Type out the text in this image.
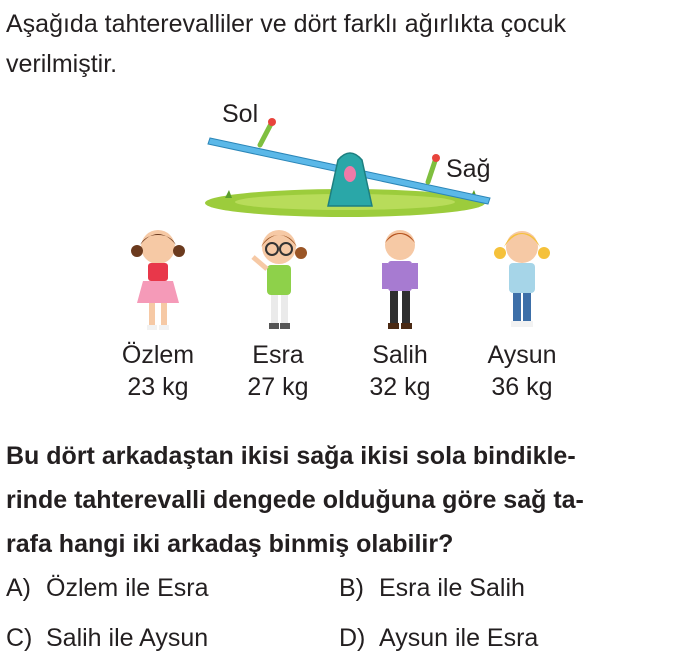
Aşağıda tahterevalliler ve dört farklı ağırlıkta çocuk
verilmiştir.
Sol
Sağ
Özlem
23 kg
Esra
27 kg
Salih
32 kg
Aysun
36 kg
Bu dört arkadaştan ikisi sağa ikisi sola bindikle-
rinde tahterevalli dengede olduğuna göre sağ ta-
rafa hangi iki arkadaş binmiş olabilir?
A) Özlem ile Esra	B) Esra ile Salih
C) Salih ile Aysun	D) Aysun ile Esra
